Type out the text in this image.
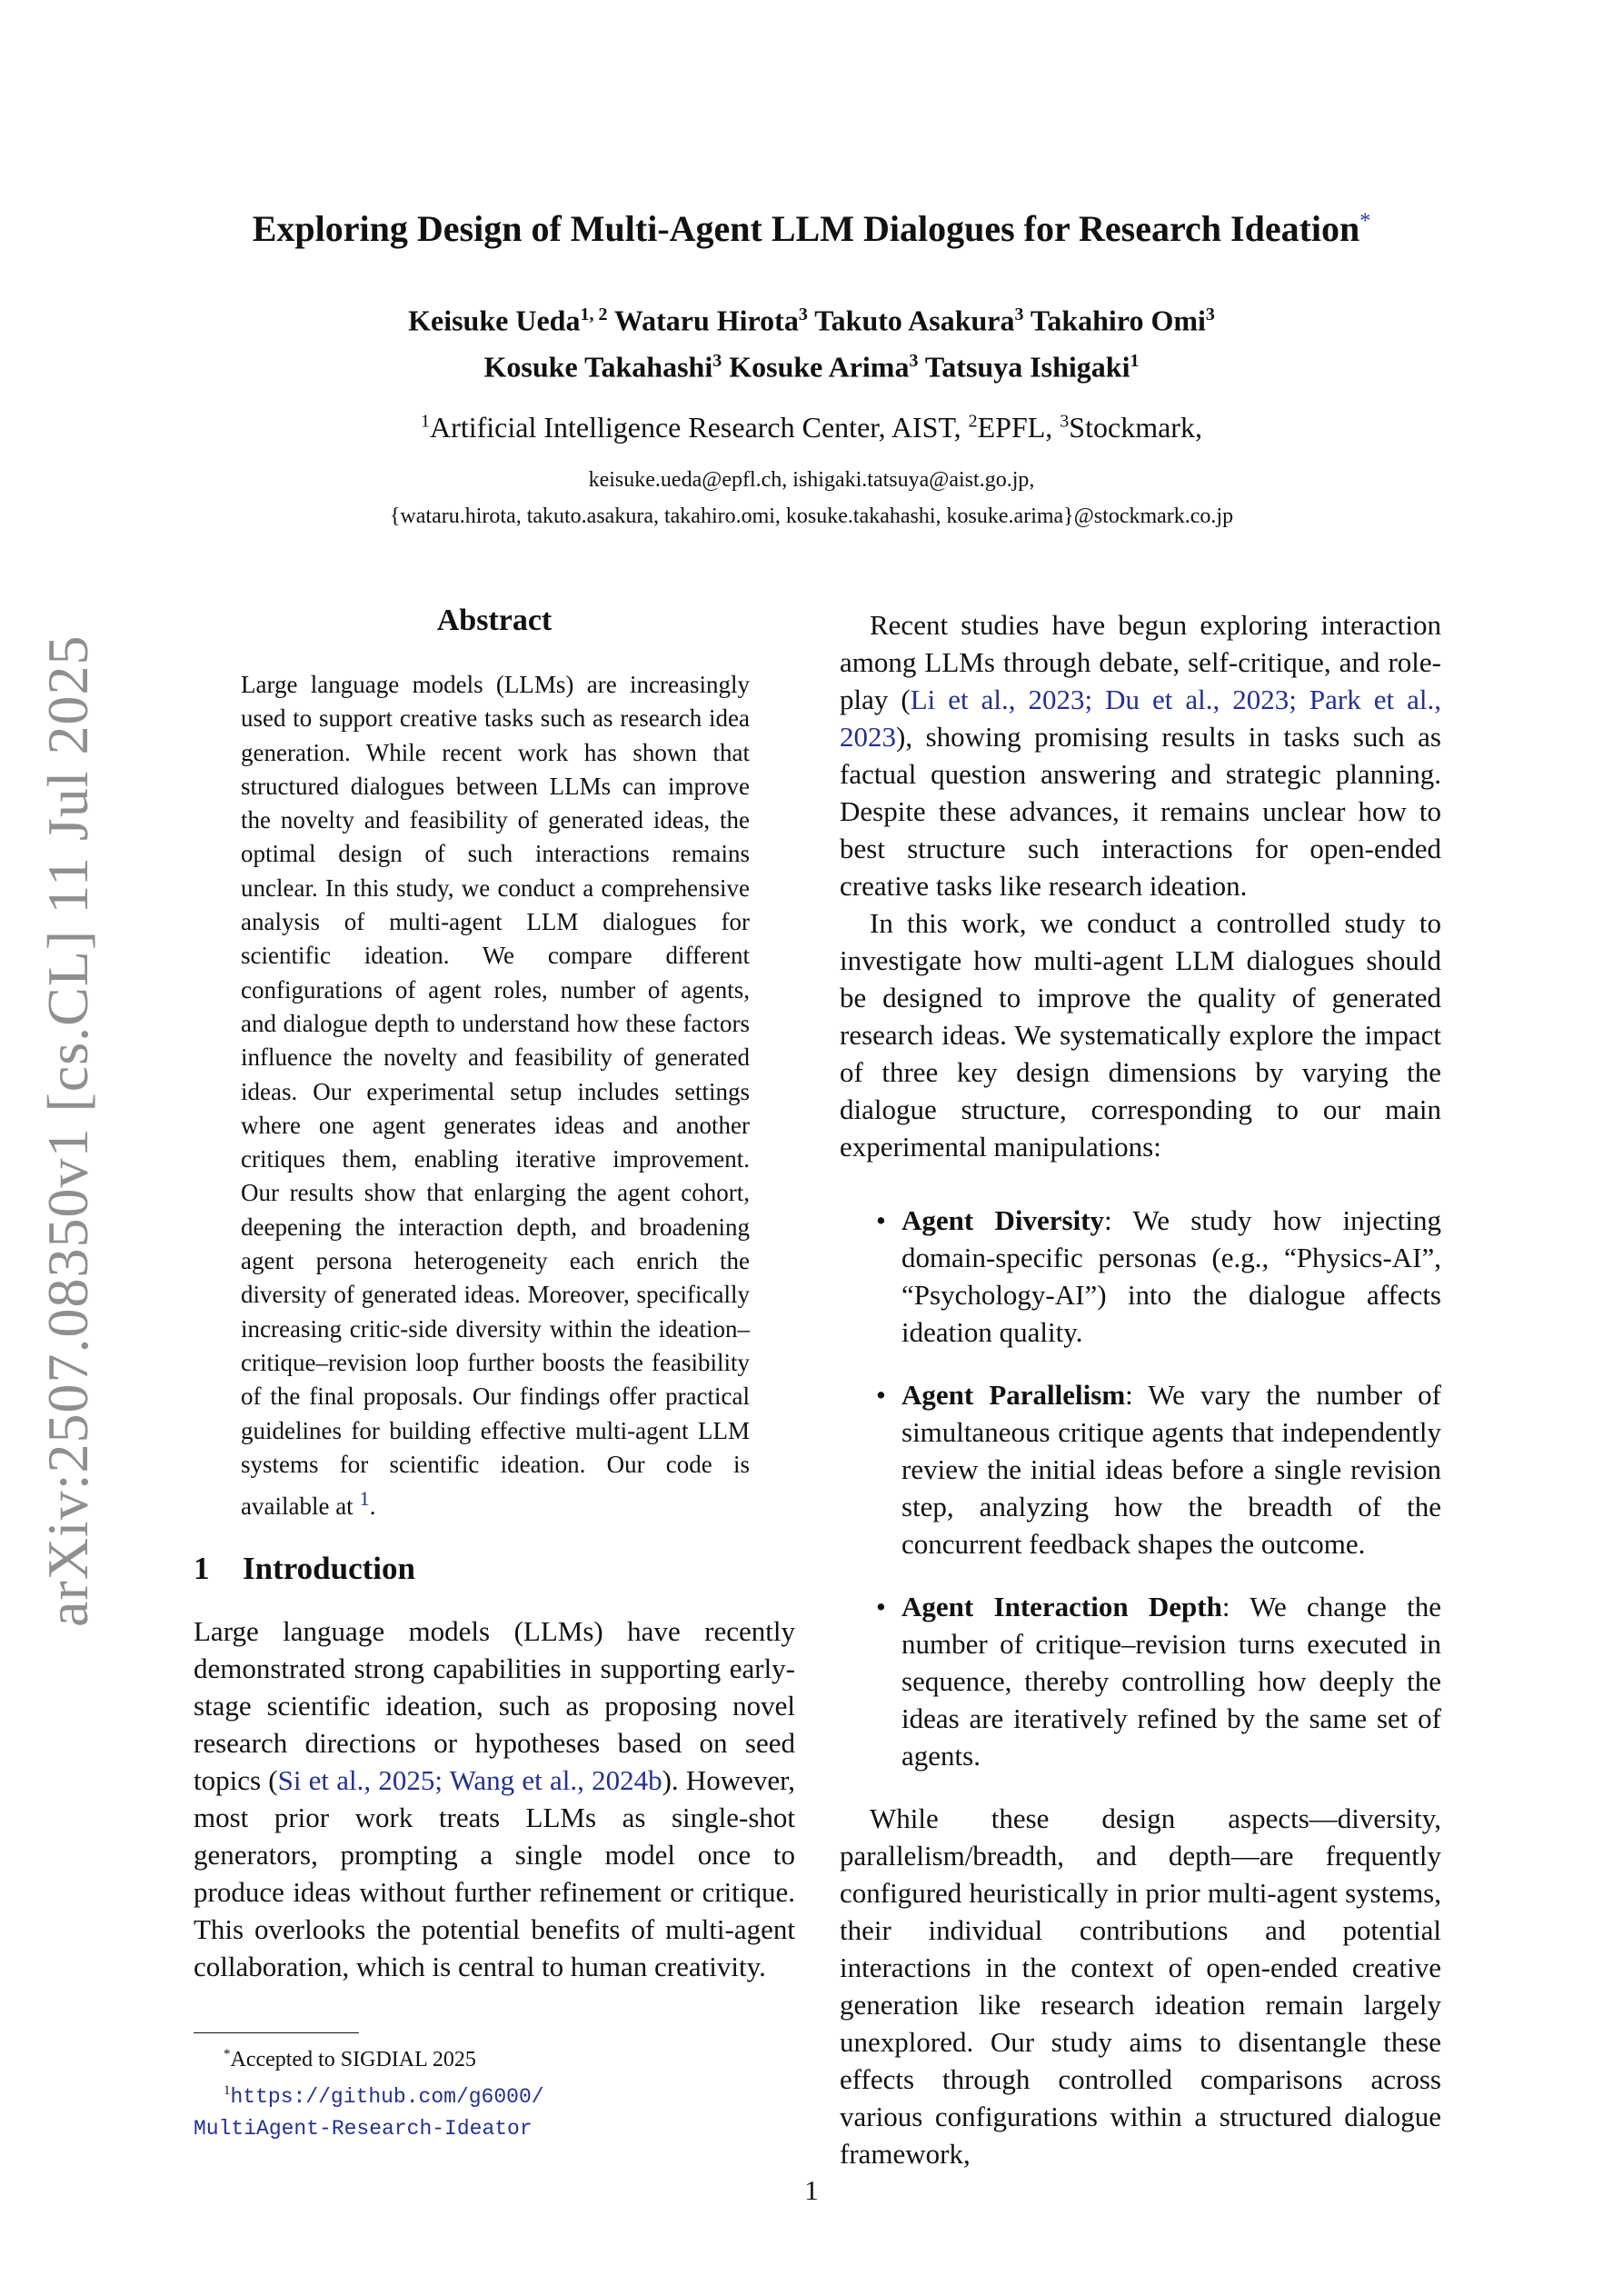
arXiv:2507.08350v1 [cs.CL] 11 Jul 2025
Exploring Design of Multi-Agent LLM Dialogues for Research Ideation*
Keisuke Ueda$^{1, 2}$ Wataru Hirota$^3$ Takuto Asakura$^3$ Takahiro Omi$^3$
Kosuke Takahashi$^3$ Kosuke Arima$^3$ Tatsuya Ishigaki$^1$
$^1$Artificial Intelligence Research Center, AIST, $^2$EPFL, $^3$Stockmark,
keisuke.ueda@epfl.ch, ishigaki.tatsuya@aist.go.jp,
{wataru.hirota, takuto.asakura, takahiro.omi, kosuke.takahashi, kosuke.arima}@stockmark.co.jp
Abstract
Large language models (LLMs) are increasingly used to support creative tasks such as research idea generation. While recent work has shown that structured dialogues between LLMs can improve the novelty and feasibility of generated ideas, the optimal design of such interactions remains unclear. In this study, we conduct a comprehensive analysis of multi-agent LLM dialogues for scientific ideation. We compare different configurations of agent roles, number of agents, and dialogue depth to understand how these factors influence the novelty and feasibility of generated ideas. Our experimental setup includes settings where one agent generates ideas and another critiques them, enabling iterative improvement. Our results show that enlarging the agent cohort, deepening the interaction depth, and broadening agent persona heterogeneity each enrich the diversity of generated ideas. Moreover, specifically increasing critic-side diversity within the ideation–critique–revision loop further boosts the feasibility of the final proposals. Our findings offer practical guidelines for building effective multi-agent LLM systems for scientific ideation. Our code is available at $^1$.
1 Introduction

Large language models (LLMs) have recently demonstrated strong capabilities in supporting early-stage scientific ideation, such as proposing novel research directions or hypotheses based on seed topics (Si et al., 2025; Wang et al., 2024b). However, most prior work treats LLMs as single-shot generators, prompting a single model once to produce ideas without further refinement or critique. This overlooks the potential benefits of multi-agent collaboration, which is central to human creativity.

*Accepted to SIGDIAL 2025
$^1$https://github.com/g6000/
MultiAgent-Research-Ideator

Recent studies have begun exploring interaction among LLMs through debate, self-critique, and role-play (Li et al., 2023; Du et al., 2023; Park et al., 2023), showing promising results in tasks such as factual question answering and strategic planning. Despite these advances, it remains unclear how to best structure such interactions for open-ended creative tasks like research ideation.

In this work, we conduct a controlled study to investigate how multi-agent LLM dialogues should be designed to improve the quality of generated research ideas. We systematically explore the impact of three key design dimensions by varying the dialogue structure, corresponding to our main experimental manipulations:

• Agent Diversity: We study how injecting domain-specific personas (e.g., “Physics-AI”, “Psychology-AI”) into the dialogue affects ideation quality.
• Agent Parallelism: We vary the number of simultaneous critique agents that independently review the initial ideas before a single revision step, analyzing how the breadth of the concurrent feedback shapes the outcome.
• Agent Interaction Depth: We change the number of critique–revision turns executed in sequence, thereby controlling how deeply the ideas are iteratively refined by the same set of agents.

While these design aspects—diversity, parallelism/breadth, and depth—are frequently configured heuristically in prior multi-agent systems, their individual contributions and potential interactions in the context of open-ended creative generation like research ideation remain largely unexplored. Our study aims to disentangle these effects through controlled comparisons across various configurations within a structured dialogue framework,

1
